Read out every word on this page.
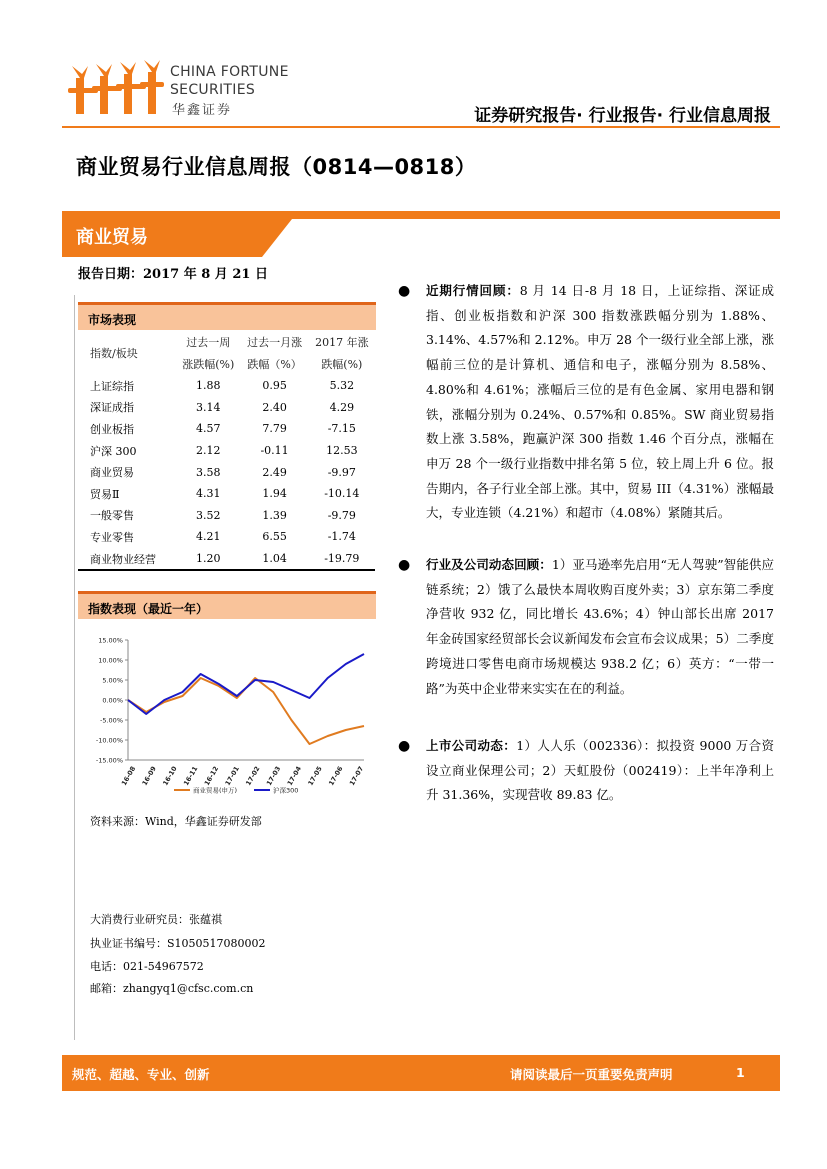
CHINA FORTUNE
SECURITIES
华鑫证券	证券研究报告· 行业报告· 行业信息周报
商业贸易行业信息周报（0814—0818）
商业贸易
报告日期：2017 年 8 月 21 日
市场表现
指数/板块	过去一周	过去一月涨	2017 年涨
	涨跌幅(%)	跌幅（%）	跌幅(%)
上证综指	1.88	0.95	5.32
深证成指	3.14	2.40	4.29
创业板指	4.57	7.79	-7.15
沪深 300	2.12	-0.11	12.53
商业贸易	3.58	2.49	-9.97
贸易Ⅱ	4.31	1.94	-10.14
一般零售	3.52	1.39	-9.79
专业零售	4.21	6.55	-1.74
商业物业经营	1.20	1.04	-19.79
指数表现（最近一年）
15.00%
10.00%
5.00%
0.00%
-5.00%
-10.00%
-15.00%
16-08 16-09 16-10 16-11 16-12 17-01 17-02 17-03 17-04 17-05 17-06 17-07
商业贸易(申万)	沪深300
资料来源：Wind，华鑫证券研发部
大消费行业研究员：张蕴祺
执业证书编号：S1050517080002
电话：021-54967572
邮箱：zhangyq1@cfsc.com.cn
● 近期行情回顾：8 月 14 日-8 月 18 日，上证综指、深证成指、创业板指数和沪深 300 指数涨跌幅分别为 1.88%、3.14%、4.57%和 2.12%。申万 28 个一级行业全部上涨，涨幅前三位的是计算机、通信和电子，涨幅分别为 8.58%、4.80%和 4.61%；涨幅后三位的是有色金属、家用电器和钢铁，涨幅分别为 0.24%、0.57%和 0.85%。SW 商业贸易指数上涨 3.58%，跑赢沪深 300 指数 1.46 个百分点，涨幅在申万 28 个一级行业指数中排名第 5 位，较上周上升 6 位。报告期内，各子行业全部上涨。其中，贸易 III（4.31%）涨幅最大，专业连锁（4.21%）和超市（4.08%）紧随其后。
● 行业及公司动态回顾：1）亚马逊率先启用“无人驾驶”智能供应链系统；2）饿了么最快本周收购百度外卖；3）京东第二季度净营收 932 亿，同比增长 43.6%；4）钟山部长出席 2017 年金砖国家经贸部长会议新闻发布会宣布会议成果；5）二季度跨境进口零售电商市场规模达 938.2 亿；6）英方：“一带一路”为英中企业带来实实在在的利益。
● 上市公司动态：1）人人乐（002336）：拟投资 9000 万合资设立商业保理公司；2）天虹股份（002419）：上半年净利上升 31.36%，实现营收 89.83 亿。
规范、超越、专业、创新	请阅读最后一页重要免责声明	1
